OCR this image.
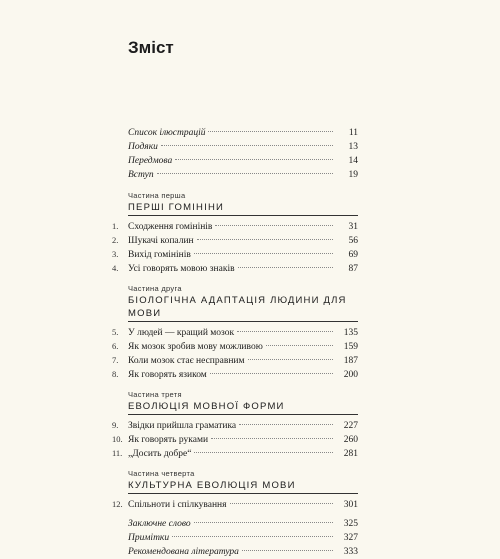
Зміст
Список ілюстрацій	11
Подяки	13
Передмова	14
Вступ	19
Частина перша
ПЕРШІ ГОМІНІНИ
1.	Сходження гомінінів	31
2.	Шукачі копалин	56
3.	Вихід гомінінів	69
4.	Усі говорять мовою знаків	87
Частина друга
БІОЛОГІЧНА АДАПТАЦІЯ ЛЮДИНИ ДЛЯ МОВИ
5.	У людей — кращий мозок	135
6.	Як мозок зробив мову можливою	159
7.	Коли мозок стає несправним	187
8.	Як говорять язиком	200
Частина третя
ЕВОЛЮЦІЯ МОВНОЇ ФОРМИ
9.	Звідки прийшла граматика	227
10. Як говорять руками	260
11. „Досить добре“	281
Частина четверта
КУЛЬТУРНА ЕВОЛЮЦІЯ МОВИ
12. Спільноти і спілкування	301
Заключне слово	325
Примітки	327
Рекомендована література	333
